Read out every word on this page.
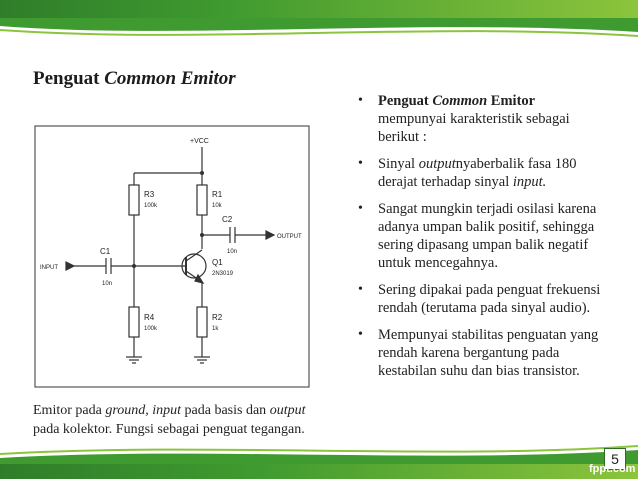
Penguat Common Emitor
+VCC
R3
100k
R1
10k
C2
10n
OUTPUT
C1
10n
INPUT
Q1
2N3019
R4
100k
R2
1k
Emitor pada ground, input pada basis dan output pada kolektor. Fungsi sebagai penguat tegangan.
• Penguat Common Emitor
mempunyai karakteristik sebagai berikut :
• Sinyal outputnyaberbalik fasa 180 derajat terhadap sinyal input.
• Sangat mungkin terjadi osilasi karena adanya umpan balik positif, sehingga sering dipasang umpan balik negatif untuk mencegahnya.
• Sering dipakai pada penguat frekuensi rendah (terutama pada sinyal audio).
• Mempunyai stabilitas penguatan yang rendah karena bergantung pada kestabilan suhu dan bias transistor.
5
fppt.com
